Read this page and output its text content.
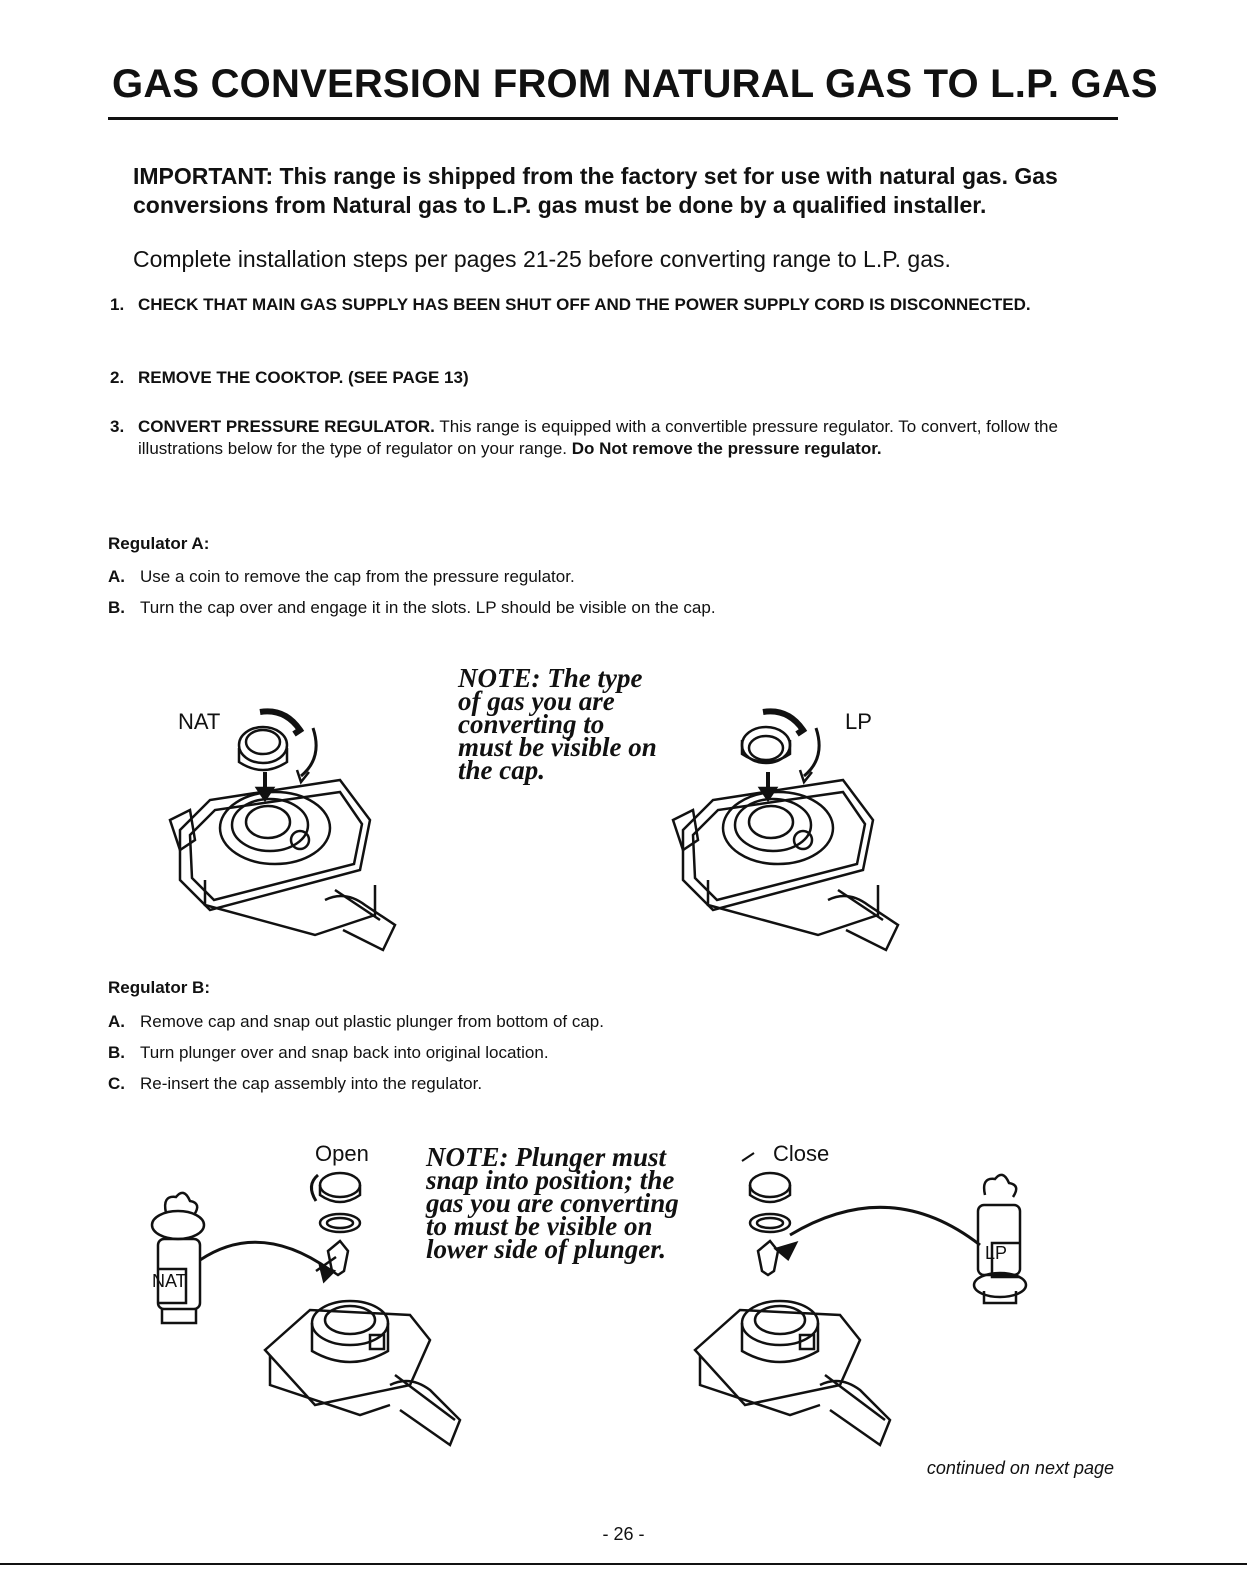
GAS CONVERSION FROM NATURAL GAS TO L.P. GAS
IMPORTANT: This range is shipped from the factory set for use with natural gas. Gas conversions from Natural gas to L.P. gas must be done by a qualified installer.
Complete installation steps per pages 21-25 before converting range to L.P. gas.
1. CHECK THAT MAIN GAS SUPPLY HAS BEEN SHUT OFF AND THE POWER SUPPLY CORD IS DISCONNECTED.
2. REMOVE THE COOKTOP. (SEE PAGE 13)
3. CONVERT PRESSURE REGULATOR. This range is equipped with a convertible pressure regulator. To convert, follow the illustrations below for the type of regulator on your range. Do Not remove the pressure regulator.
Regulator A:
A. Use a coin to remove the cap from the pressure regulator.
B. Turn the cap over and engage it in the slots. LP should be visible on the cap.
NOTE: The type
of gas you are
converting to
must be visible on
the cap.
NAT	LP
Regulator B:
A. Remove cap and snap out plastic plunger from bottom of cap.
B. Turn plunger over and snap back into original location.
C. Re-insert the cap assembly into the regulator.
NOTE: Plunger must
snap into position; the
gas you are converting
to must be visible on
lower side of plunger.
Open	Close
NAT
LP
continued on next page
- 26 -
